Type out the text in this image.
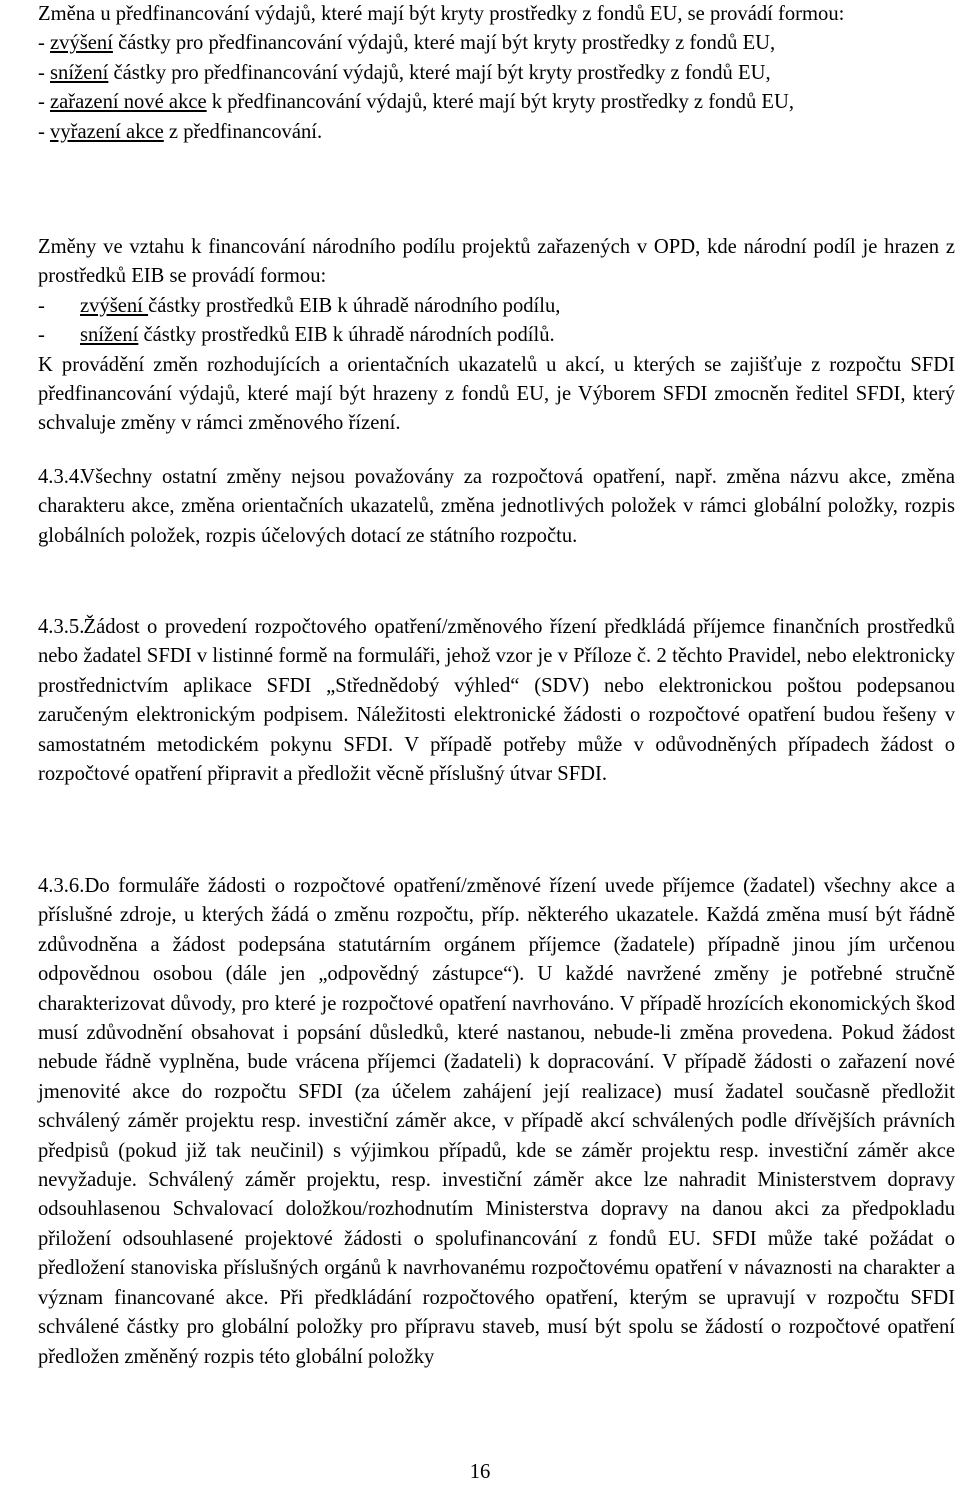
Změna u předfinancování výdajů, které mají být kryty prostředky z fondů EU, se provádí formou:
- zvýšení částky pro předfinancování výdajů, které mají být kryty prostředky z fondů EU,
- snížení částky pro předfinancování výdajů, které mají být kryty prostředky z fondů EU,
- zařazení nové akce k předfinancování výdajů, které mají být kryty prostředky z fondů EU,
- vyřazení akce z předfinancování.
Změny ve vztahu k financování národního podílu projektů zařazených v OPD, kde národní podíl je hrazen z prostředků EIB se provádí formou:
- zvýšení částky prostředků EIB k úhradě národního podílu,
- snížení částky prostředků EIB k úhradě národních podílů.
K provádění změn rozhodujících a orientačních ukazatelů u akcí, u kterých se zajišťuje z rozpočtu SFDI předfinancování výdajů, které mají být hrazeny z fondů EU, je Výborem SFDI zmocněn ředitel SFDI, který schvaluje změny v rámci změnového řízení.
4.3.4. Všechny ostatní změny nejsou považovány za rozpočtová opatření, např. změna názvu akce, změna charakteru akce, změna orientačních ukazatelů, změna jednotlivých položek v rámci globální položky, rozpis globálních položek, rozpis účelových dotací ze státního rozpočtu.
4.3.5. Žádost o provedení rozpočtového opatření/změnového řízení předkládá příjemce finančních prostředků nebo žadatel SFDI v listinné formě na formuláři, jehož vzor je v Příloze č. 2 těchto Pravidel, nebo elektronicky prostřednictvím aplikace SFDI „Střednědobý výhled“ (SDV) nebo elektronickou poštou podepsanou zaručeným elektronickým podpisem. Náležitosti elektronické žádosti o rozpočtové opatření budou řešeny v samostatném metodickém pokynu SFDI. V případě potřeby může v odůvodněných případech žádost o rozpočtové opatření připravit a předložit věcně příslušný útvar SFDI.
4.3.6. Do formuláře žádosti o rozpočtové opatření/změnové řízení uvede příjemce (žadatel) všechny akce a příslušné zdroje, u kterých žádá o změnu rozpočtu, příp. některého ukazatele. Každá změna musí být řádně zdůvodněna a žádost podepsána statutárním orgánem příjemce (žadatele) případně jinou jím určenou odpovědnou osobou (dále jen „odpovědný zástupce“). U každé navržené změny je potřebné stručně charakterizovat důvody, pro které je rozpočtové opatření navrhováno. V případě hrozících ekonomických škod musí zdůvodnění obsahovat i popsání důsledků, které nastanou, nebude-li změna provedena. Pokud žádost nebude řádně vyplněna, bude vrácena příjemci (žadateli) k dopracování. V případě žádosti o zařazení nové jmenovité akce do rozpočtu SFDI (za účelem zahájení její realizace) musí žadatel současně předložit schválený záměr projektu resp. investiční záměr akce, v případě akcí schválených podle dřívějších právních předpisů (pokud již tak neučinil) s výjimkou případů, kde se záměr projektu resp. investiční záměr akce nevyžaduje. Schválený záměr projektu, resp. investiční záměr akce lze nahradit Ministerstvem dopravy odsouhlasenou Schvalovací doložkou/rozhodnutím Ministerstva dopravy na danou akci za předpokladu přiložení odsouhlasené projektové žádosti o spolufinancování z fondů EU. SFDI může také požádat o předložení stanoviska příslušných orgánů k navrhovanému rozpočtovému opatření v návaznosti na charakter a význam financované akce. Při předkládání rozpočtového opatření, kterým se upravují v rozpočtu SFDI schválené částky pro globální položky pro přípravu staveb, musí být spolu se žádostí o rozpočtové opatření předložen změněný rozpis této globální položky
16
